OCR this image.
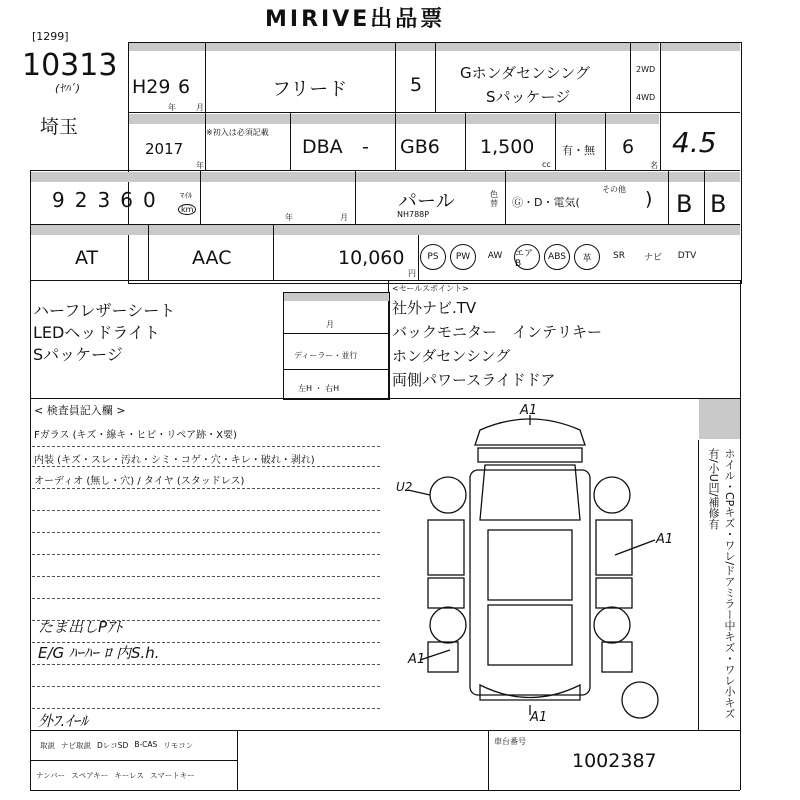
MIRIVE出品票
[1299]
10313
(ﾔﾊﾞ)
埼玉
H29 6
年	月
フリード	5
Gホンダセンシング
Sパッケージ
2WD
4WD
※初入は必須記載
2017
年
DBA - GB6 1,500
cc
有・無 6
名
4.5
9 2 3 6 0	ﾏｲﾙ
km
年	月
パール
NH788P
色替 Ⓖ・D・電気(
その他 ) B B
AT	AAC	10,060
円
PS	PW	AW	エアB
ABS	革	SR	ナビ	DTV
ハーフレザーシート
LEDヘッドライト
Sパッケージ
月
ディーラー・並行
左H ・ 右H
<セールスポイント>
社外ナビ.TV
バックモニター　インテリキー
ホンダセンシング
両側パワースライドドア
< 検査員記入欄 >
Fガラス (キズ・線キ・ヒビ・リペア跡・X要)
内装 (キズ・スレ・汚れ・シミ・コゲ・穴・キレ・破れ・剥れ)
オーディオ (無し・穴) / タイヤ (スタッドレス)
たま出しPｱﾄ
E/G ﾊｰﾊｰ ﾛ 内S.h.
外ﾌ.ｲｰﾙ
A1
U2
A1
A1
A1	ホイル・CPキズ・ワレ/ドアミラー中キズ・ワレ小キズ有/小U凹/補修有
取説 ナビ取説 DレコSD B-CAS リモコン
ナンバー スペアキー キーレス スマートキー
車台番号
1002387
